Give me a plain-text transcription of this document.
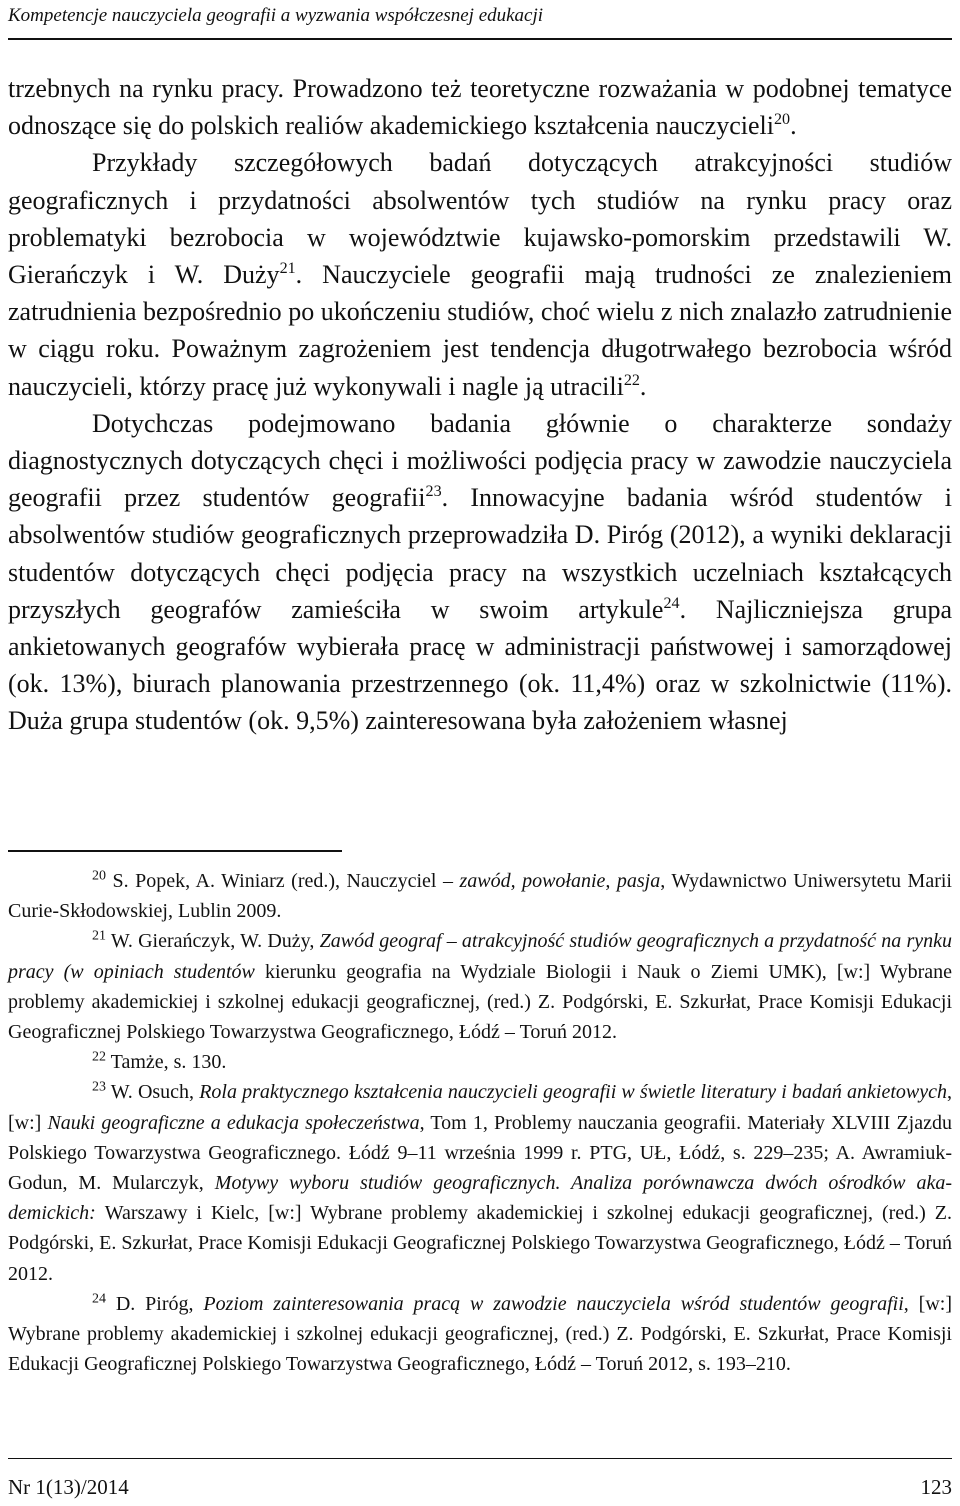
Kompetencje nauczyciela geografii a wyzwania współczesnej edukacji

trzebnych na rynku pracy. Prowadzono też teoretyczne rozważania w podobnej tematyce odnoszące się do polskich realiów akademickiego kształcenia nauczycieli$^{20}$.

Przykłady szczegółowych badań dotyczących atrakcyjności studiów geograficznych i przydatności absolwentów tych studiów na rynku pracy oraz problematyki bezrobocia w województwie kujawsko-pomorskim przedstawili W. Gierańczyk i W. Duży$^{21}$. Nauczyciele geografii mają trudności ze znalezieniem zatrudnienia bezpośrednio po ukończeniu studiów, choć wielu z nich znalazło zatrudnienie w ciągu roku. Poważnym zagrożeniem jest tendencja długotrwałego bezrobocia wśród nauczycieli, którzy pracę już wykonywali i nagle ją utracili$^{22}$.

Dotychczas podejmowano badania głównie o charakterze sondaży diagnostycznych dotyczących chęci i możliwości podjęcia pracy w zawodzie nauczyciela geografii przez studentów geografii$^{23}$. Innowacyjne badania wśród studentów i absolwentów studiów geograficznych przeprowadziła D. Piróg (2012), a wyniki deklaracji studentów dotyczących chęci podjęcia pracy na wszystkich uczelniach kształcących przyszłych geografów zamieściła w swoim artykule$^{24}$. Najliczniejsza grupa ankietowanych geografów wybierała pracę w administracji państwowej i samorządowej (ok. 13%), biurach planowania przestrzennego (ok. 11,4%) oraz w szkolnictwie (11%). Duża grupa studentów (ok. 9,5%) zainteresowana była założeniem własnej

$^{20}$ S. Popek, A. Winiarz (red.), Nauczyciel – zawód, powołanie, pasja, Wydawnictwo Uniwersytetu Marii Curie-Skłodowskiej, Lublin 2009.

$^{21}$ W. Gierańczyk, W. Duży, Zawód geograf – atrakcyjność studiów geograficznych a przydatność na rynku pracy (w opiniach studentów kierunku geografia na Wydziale Biologii i Nauk o Ziemi UMK), [w:] Wybrane problemy akademickiej i szkolnej edukacji geograficznej, (red.) Z. Podgórski, E. Szkurłat, Prace Komisji Edukacji Geograficznej Polskiego Towarzystwa Geograficznego, Łódź – Toruń 2012.

$^{22}$ Tamże, s. 130.

$^{23}$ W. Osuch, Rola praktycznego kształcenia nauczycieli geografii w świetle literatury i badań ankietowych, [w:] Nauki geograficzne a edukacja społeczeństwa, Tom 1, Problemy nauczania geografii. Materiały XLVIII Zjazdu Polskiego Towarzystwa Geograficznego. Łódź 9–11 września 1999 r. PTG, UŁ, Łódź, s. 229–235; A. Awramiuk-Godun, M. Mularczyk, Motywy wyboru studiów geograficznych. Analiza porównawcza dwóch ośrodków akademickich: Warszawy i Kielc, [w:] Wybrane problemy akademickiej i szkolnej edukacji geograficznej, (red.) Z. Podgórski, E. Szkurłat, Prace Komisji Edukacji Geograficznej Polskiego Towarzystwa Geograficznego, Łódź – Toruń 2012.

$^{24}$ D. Piróg, Poziom zainteresowania pracą w zawodzie nauczyciela wśród studentów geografii, [w:] Wybrane problemy akademickiej i szkolnej edukacji geograficznej, (red.) Z. Podgórski, E. Szkurłat, Prace Komisji Edukacji Geograficznej Polskiego Towarzystwa Geograficznego, Łódź – Toruń 2012, s. 193–210.

Nr 1(13)/2014	123
